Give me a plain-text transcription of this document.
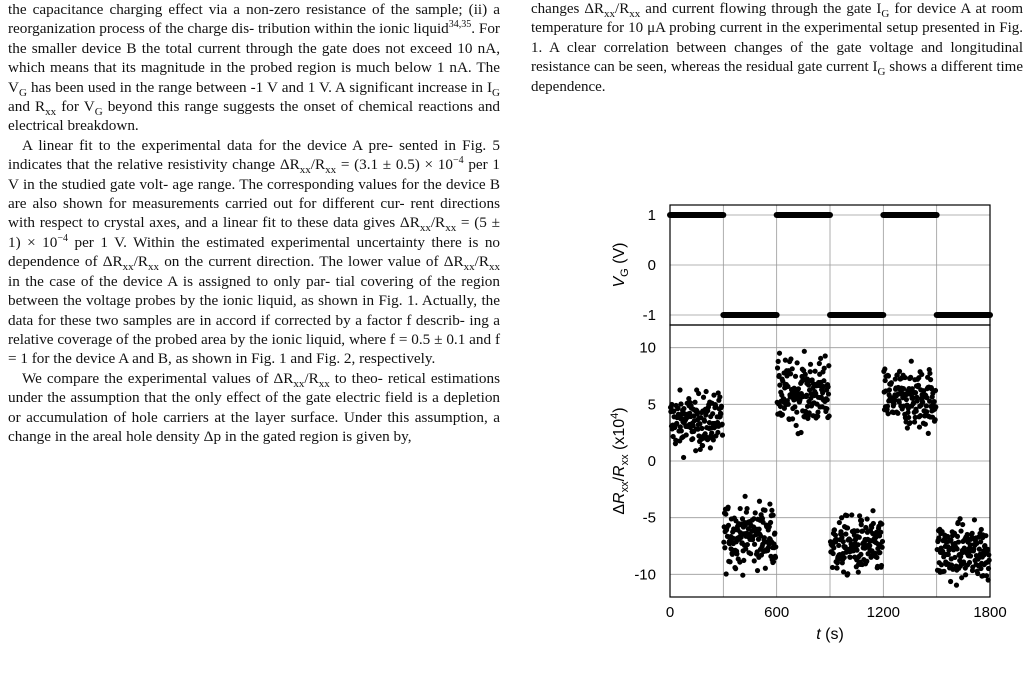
the capacitance charging effect via a non-zero resistance of the sample; (ii) a reorganization process of the charge dis- tribution within the ionic liquid$^{34,35}$. For the smaller device B the total current through the gate does not exceed 10 nA, which means that its magnitude in the probed region is much below 1 nA. The $V_G$ has been used in the range between -1 V and 1 V. A significant increase in $I_G$ and $R_{xx}$ for $V_G$ beyond this range suggests the onset of chemical reactions and electrical breakdown.

A linear fit to the experimental data for the device A pre- sented in Fig. 5 indicates that the relative resistivity change $\Delta R_{xx}/R_{xx} = (3.1 \pm 0.5) \times 10^{-4}$ per 1 V in the studied gate volt- age range. The corresponding values for the device B are also shown for measurements carried out for different cur- rent directions with respect to crystal axes, and a linear fit to these data gives $\Delta R_{xx}/R_{xx} = (5 \pm 1) \times 10^{-4}$ per 1 V. Within the estimated experimental uncertainty there is no dependence of $\Delta R_{xx}/R_{xx}$ on the current direction. The lower value of $\Delta R_{xx}/R_{xx}$ in the case of the device A is assigned to only par- tial covering of the region between the voltage probes by the ionic liquid, as shown in Fig. 1. Actually, the data for these two samples are in accord if corrected by a factor f describ- ing a relative coverage of the probed area by the ionic liquid, where f = 0.5 ± 0.1 and f = 1 for the device A and B, as shown in Fig. 1 and Fig. 2, respectively.

We compare the experimental values of $\Delta R_{xx}/R_{xx}$ to theo- retical estimations under the assumption that the only effect of the gate electric field is a depletion or accumulation of hole carriers at the layer surface. Under this assumption, a change in the areal hole density Δp in the gated region is given by,

changes $\Delta R_{xx}/R_{xx}$ and current flowing through the gate $I_G$ for device A at room temperature for 10 μA probing current in the experimental setup presented in Fig. 1. A clear correlation between changes of the gate voltage and longitudinal resistance can be seen, whereas the residual gate current $I_G$ shows a different time dependence.

1
0
-1
10
5
0
-5
-10
0	600	1200	1800
t (s)
$V_G$ (V)
$\Delta R_{xx}/R_{xx}$ $(x10^4)$
